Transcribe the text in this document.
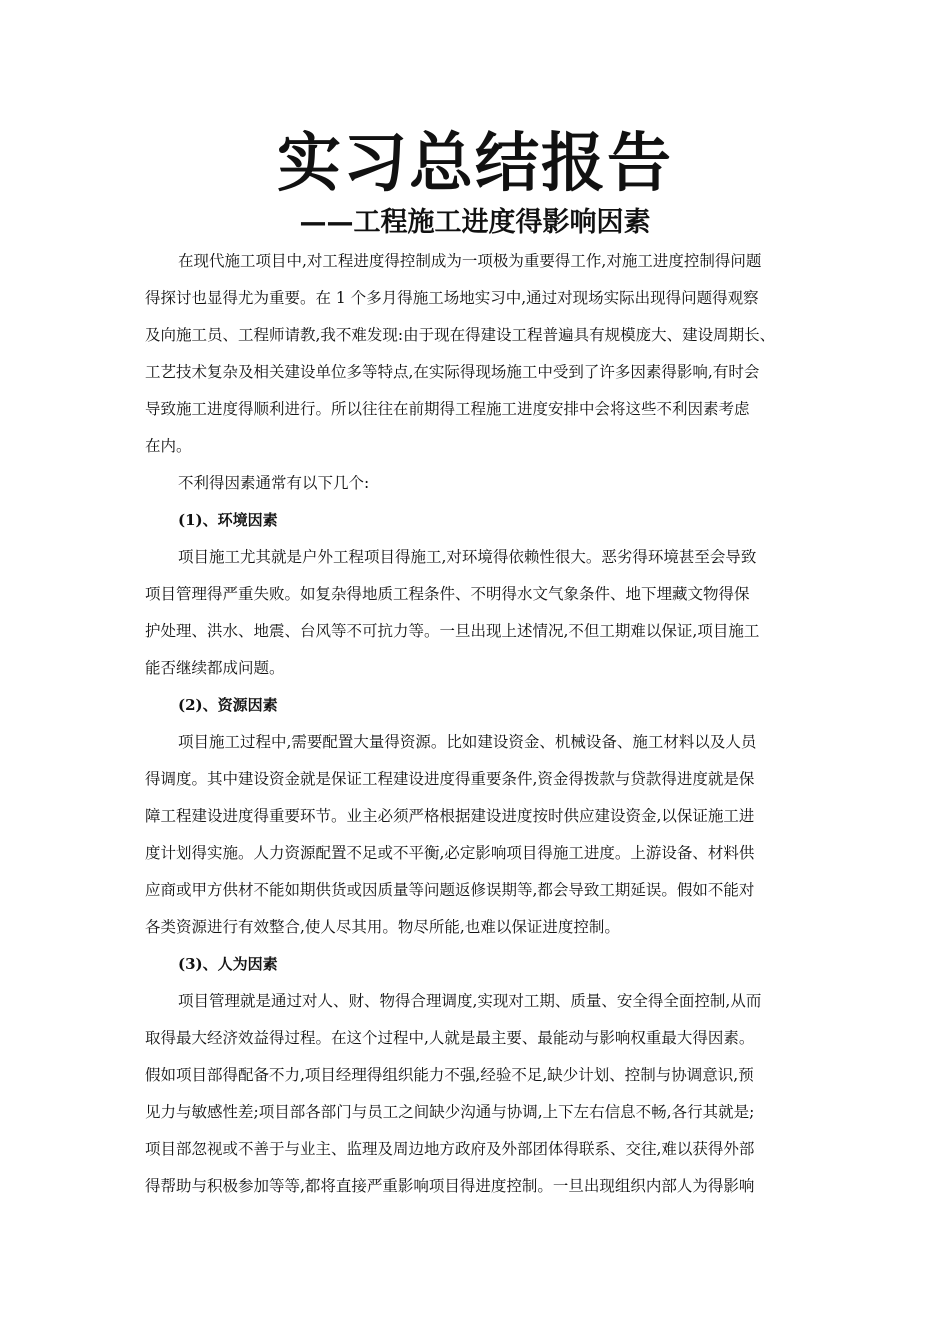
实习总结报告
——工程施工进度得影响因素
在现代施工项目中,对工程进度得控制成为一项极为重要得工作,对施工进度控制得问题
得探讨也显得尤为重要。在 1 个多月得施工场地实习中,通过对现场实际出现得问题得观察
及向施工员、工程师请教,我不难发现:由于现在得建设工程普遍具有规模庞大、建设周期长、
工艺技术复杂及相关建设单位多等特点,在实际得现场施工中受到了许多因素得影响,有时会
导致施工进度得顺利进行。所以往往在前期得工程施工进度安排中会将这些不利因素考虑
在内。
不利得因素通常有以下几个:
(1)、环境因素
项目施工尤其就是户外工程项目得施工,对环境得依赖性很大。恶劣得环境甚至会导致
项目管理得严重失败。如复杂得地质工程条件、不明得水文气象条件、地下埋藏文物得保
护处理、洪水、地震、台风等不可抗力等。一旦出现上述情况,不但工期难以保证,项目施工
能否继续都成问题。
(2)、资源因素
项目施工过程中,需要配置大量得资源。比如建设资金、机械设备、施工材料以及人员
得调度。其中建设资金就是保证工程建设进度得重要条件,资金得拨款与贷款得进度就是保
障工程建设进度得重要环节。业主必须严格根据建设进度按时供应建设资金,以保证施工进
度计划得实施。人力资源配置不足或不平衡,必定影响项目得施工进度。上游设备、材料供
应商或甲方供材不能如期供货或因质量等问题返修误期等,都会导致工期延误。假如不能对
各类资源进行有效整合,使人尽其用。物尽所能,也难以保证进度控制。
(3)、人为因素
项目管理就是通过对人、财、物得合理调度,实现对工期、质量、安全得全面控制,从而
取得最大经济效益得过程。在这个过程中,人就是最主要、最能动与影响权重最大得因素。
假如项目部得配备不力,项目经理得组织能力不强,经验不足,缺少计划、控制与协调意识,预
见力与敏感性差;项目部各部门与员工之间缺少沟通与协调,上下左右信息不畅,各行其就是;
项目部忽视或不善于与业主、监理及周边地方政府及外部团体得联系、交往,难以获得外部
得帮助与积极参加等等,都将直接严重影响项目得进度控制。一旦出现组织内部人为得影响
